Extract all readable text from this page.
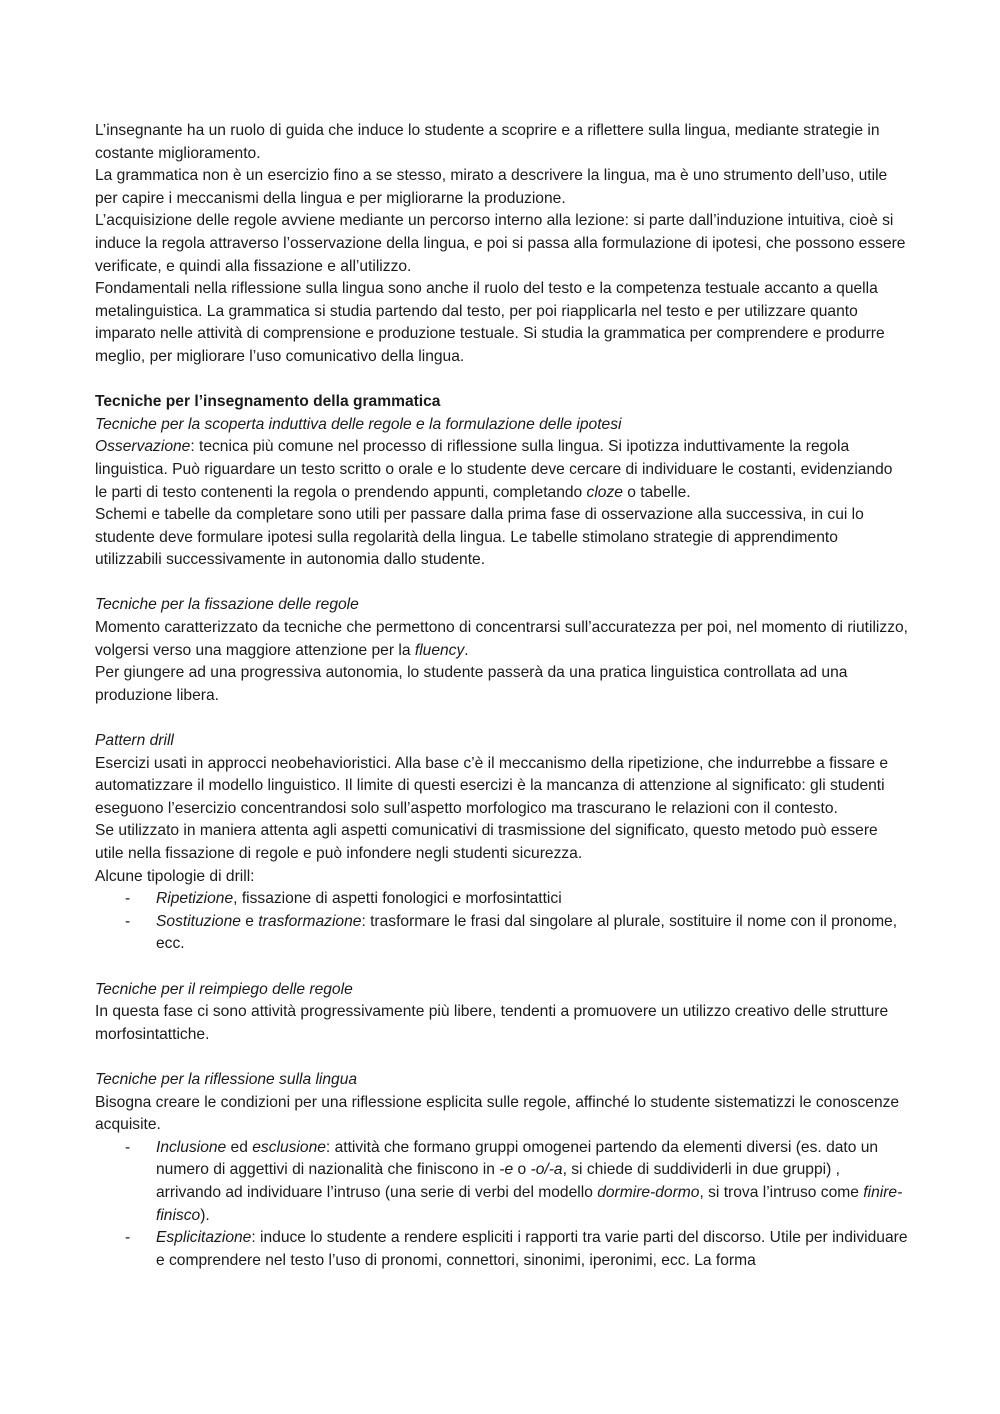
L’insegnante ha un ruolo di guida che induce lo studente a scoprire e a riflettere sulla lingua, mediante strategie in costante miglioramento.

La grammatica non è un esercizio fino a se stesso, mirato a descrivere la lingua, ma è uno strumento dell’uso, utile per capire i meccanismi della lingua e per migliorarne la produzione.

L’acquisizione delle regole avviene mediante un percorso interno alla lezione: si parte dall’induzione intuitiva, cioè si induce la regola attraverso l’osservazione della lingua, e poi si passa alla formulazione di ipotesi, che possono essere verificate, e quindi alla fissazione e all’utilizzo.

Fondamentali nella riflessione sulla lingua sono anche il ruolo del testo e la competenza testuale accanto a quella metalinguistica. La grammatica si studia partendo dal testo, per poi riapplicarla nel testo e per utilizzare quanto imparato nelle attività di comprensione e produzione testuale. Si studia la grammatica per comprendere e produrre meglio, per migliorare l’uso comunicativo della lingua.

Tecniche per l’insegnamento della grammatica

Tecniche per la scoperta induttiva delle regole e la formulazione delle ipotesi

Osservazione: tecnica più comune nel processo di riflessione sulla lingua. Si ipotizza induttivamente la regola linguistica. Può riguardare un testo scritto o orale e lo studente deve cercare di individuare le costanti, evidenziando le parti di testo contenenti la regola o prendendo appunti, completando cloze o tabelle.

Schemi e tabelle da completare sono utili per passare dalla prima fase di osservazione alla successiva, in cui lo studente deve formulare ipotesi sulla regolarità della lingua. Le tabelle stimolano strategie di apprendimento utilizzabili successivamente in autonomia dallo studente.

Tecniche per la fissazione delle regole

Momento caratterizzato da tecniche che permettono di concentrarsi sull’accuratezza per poi, nel momento di riutilizzo, volgersi verso una maggiore attenzione per la fluency.

Per giungere ad una progressiva autonomia, lo studente passerà da una pratica linguistica controllata ad una produzione libera.

Pattern drill

Esercizi usati in approcci neobehavioristici. Alla base c’è il meccanismo della ripetizione, che indurrebbe a fissare e automatizzare il modello linguistico. Il limite di questi esercizi è la mancanza di attenzione al significato: gli studenti eseguono l’esercizio concentrandosi solo sull’aspetto morfologico ma trascurano le relazioni con il contesto.

Se utilizzato in maniera attenta agli aspetti comunicativi di trasmissione del significato, questo metodo può essere utile nella fissazione di regole e può infondere negli studenti sicurezza.

Alcune tipologie di drill:

- Ripetizione, fissazione di aspetti fonologici e morfosintattici
- Sostituzione e trasformazione: trasformare le frasi dal singolare al plurale, sostituire il nome con il pronome, ecc.

Tecniche per il reimpiego delle regole

In questa fase ci sono attività progressivamente più libere, tendenti a promuovere un utilizzo creativo delle strutture morfosintattiche.

Tecniche per la riflessione sulla lingua

Bisogna creare le condizioni per una riflessione esplicita sulle regole, affinché lo studente sistematizzi le conoscenze acquisite.

- Inclusione ed esclusione: attività che formano gruppi omogenei partendo da elementi diversi (es. dato un numero di aggettivi di nazionalità che finiscono in -e o -o/-a, si chiede di suddividerli in due gruppi) , arrivando ad individuare l’intruso (una serie di verbi del modello dormire-dormo, si trova l’intruso come finire-finisco).
- Esplicitazione: induce lo studente a rendere espliciti i rapporti tra varie parti del discorso. Utile per individuare e comprendere nel testo l’uso di pronomi, connettori, sinonimi, iperonimi, ecc. La forma
